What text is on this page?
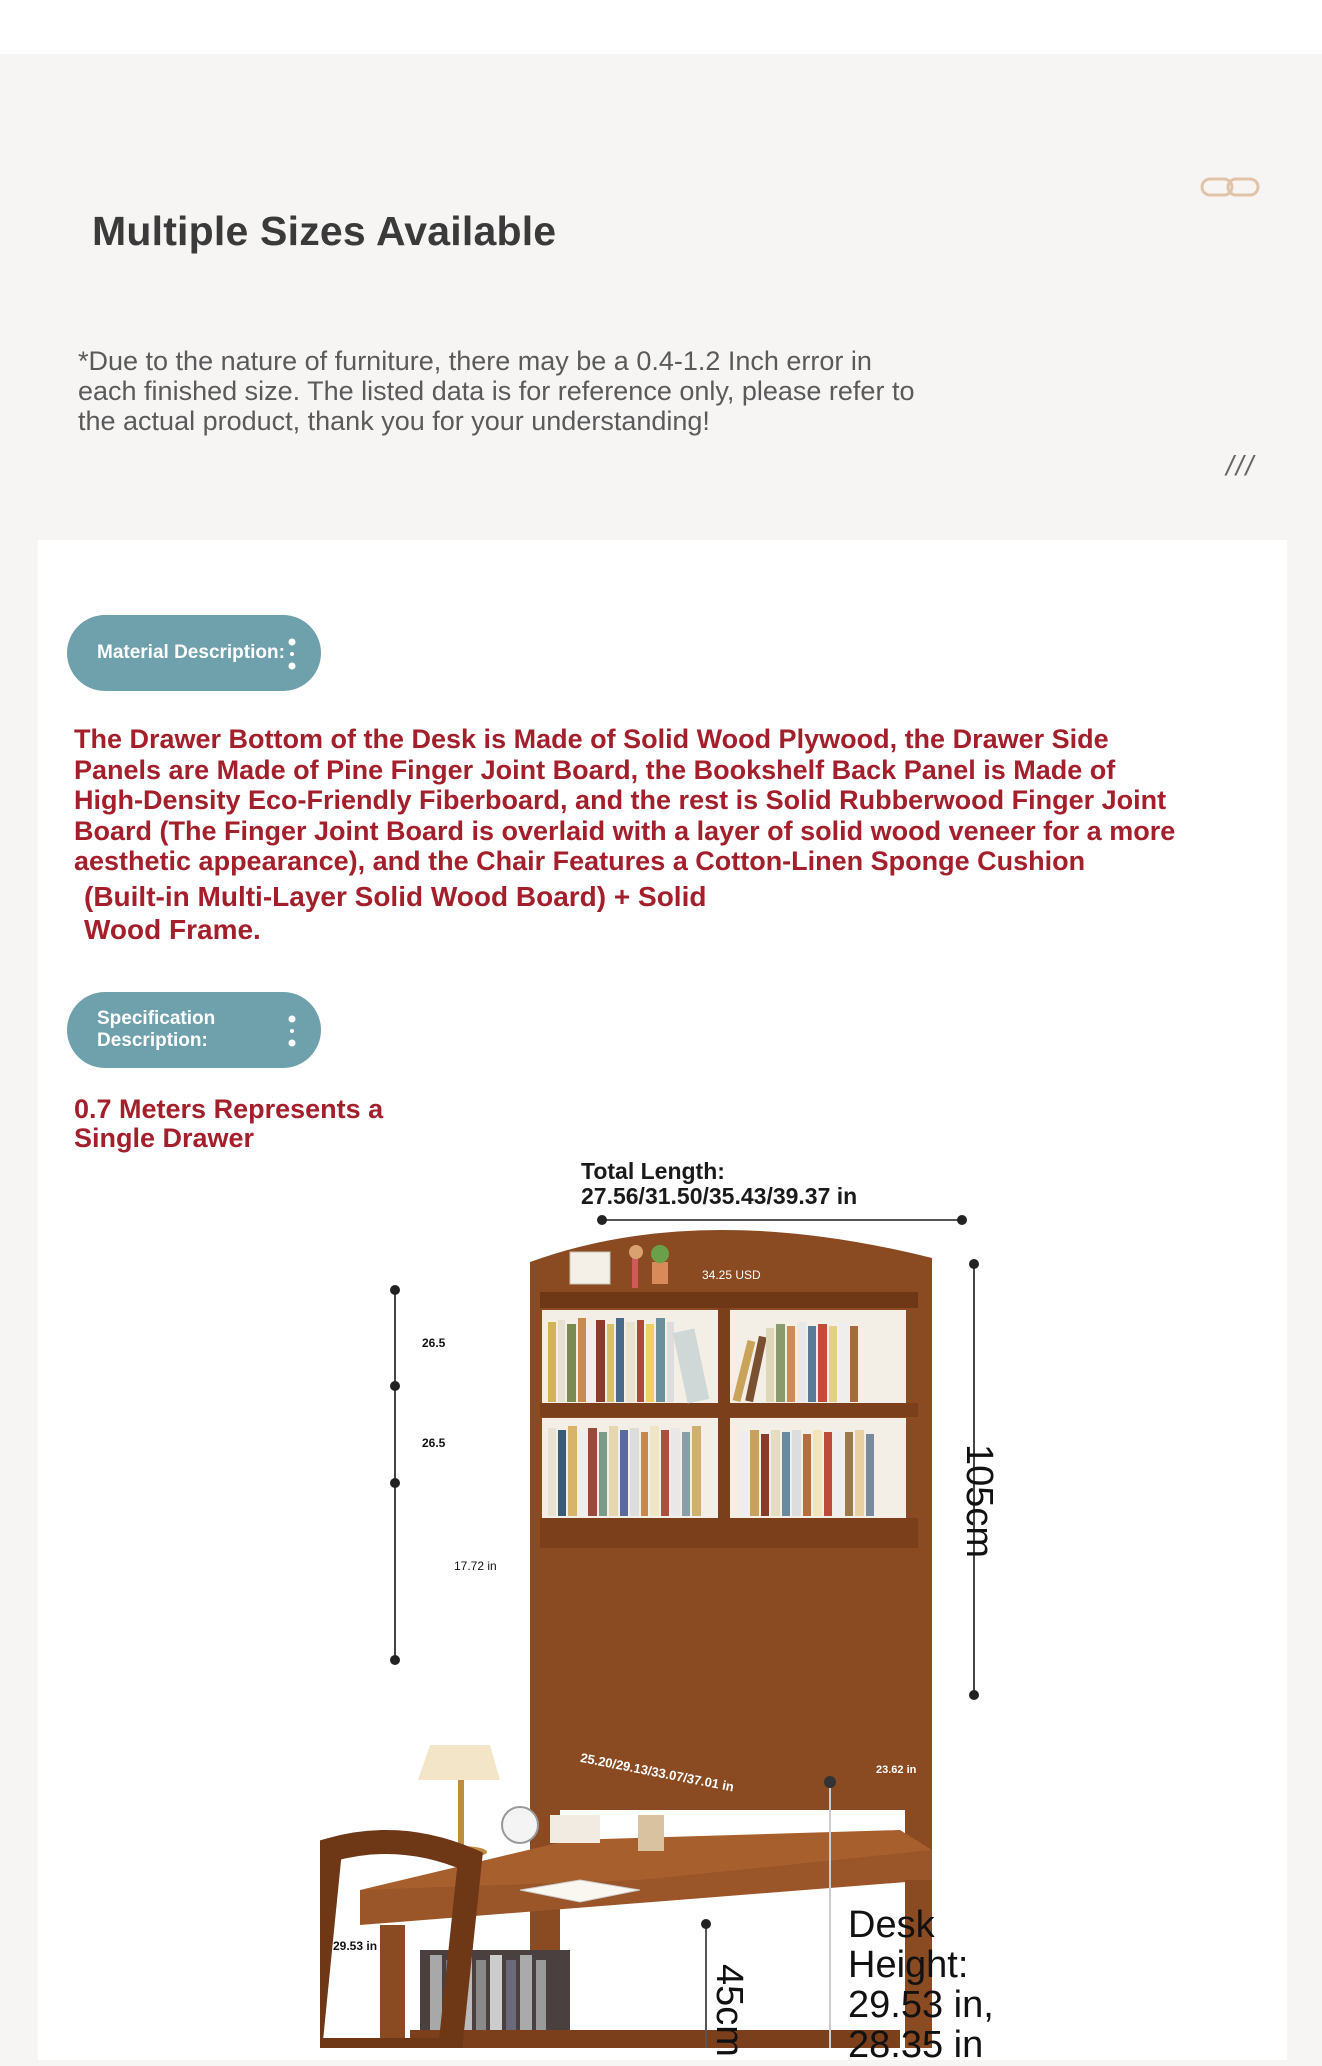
Multiple Sizes Available

*Due to the nature of furniture, there may be a 0.4-1.2 Inch error in each finished size. The listed data is for reference only, please refer to the actual product, thank you for your understanding!

///
Material Description:

The Drawer Bottom of the Desk is Made of Solid Wood Plywood, the Drawer Side Panels are Made of Pine Finger Joint Board, the Bookshelf Back Panel is Made of High-Density Eco-Friendly Fiberboard, and the rest is Solid Rubberwood Finger Joint Board (The Finger Joint Board is overlaid with a layer of solid wood veneer for a more aesthetic appearance), and the Chair Features a Cotton-Linen Sponge Cushion

(Built-in Multi-Layer Solid Wood Board) + Solid Wood Frame.

Specification Description:

0.7 Meters Represents a Single Drawer

Total Length:
27.56/31.50/35.43/39.37 in

34.25 USD
26.5
26.5
17.72 in
105cm
25.20/29.13/33.07/37.01 in	23.62 in
29.53 in
45cm

Desk Height:
29.53 in, 28.35 in
